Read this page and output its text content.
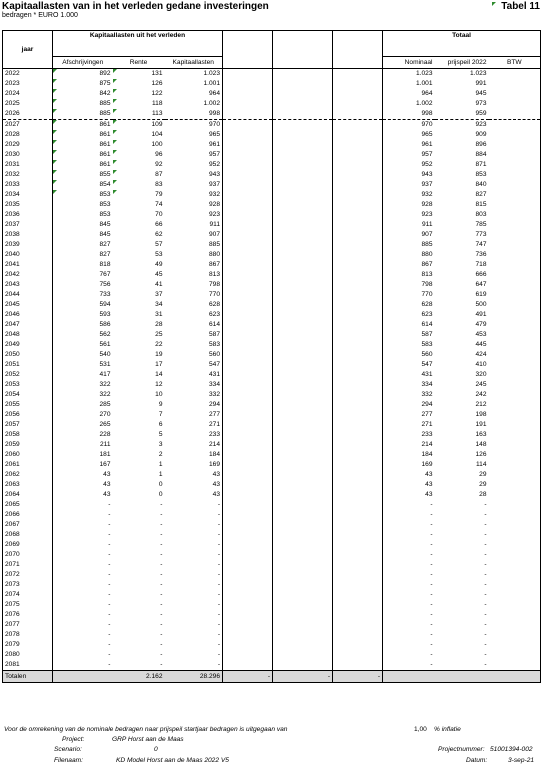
Kapitaallasten van in het verleden gedane investeringen	Tabel 11
bedragen * EURO 1.000
jaar	Kapitaallasten uit het verleden						Totaal		
	Afschrijvingen	Rente	Kapitaallasten				Nominaal	prijspeil 2022	BTW
2022	892	131	1.023				1.023	1.023	
2023	875	126	1.001				1.001	991	
2024	842	122	964				964	945	
2025	885	118	1.002				1.002	973	
2026	885	113	998				998	959	
2027	861	109	970				970	923	
2028	861	104	965				965	909	
2029	861	100	961				961	896	
2030	861	96	957				957	884	
2031	861	92	952				952	871	
2032	855	87	943				943	853	
2033	854	83	937				937	840	
2034	853	79	932				932	827	
2035	853	74	928				928	815	
2036	853	70	923				923	803	
2037	845	66	911				911	785	
2038	845	62	907				907	773	
2039	827	57	885				885	747	
2040	827	53	880				880	736	
2041	818	49	867				867	718	
2042	767	45	813				813	666	
2043	756	41	798				798	647	
2044	733	37	770				770	619	
2045	594	34	628				628	500	
2046	593	31	623				623	491	
2047	586	28	614				614	479	
2048	562	25	587				587	453	
2049	561	22	583				583	445	
2050	540	19	560				560	424	
2051	531	17	547				547	410	
2052	417	14	431				431	320	
2053	322	12	334				334	245	
2054	322	10	332				332	242	
2055	285	9	294				294	212	
2056	270	7	277				277	198	
2057	265	6	271				271	191	
2058	228	5	233				233	163	
2059	211	3	214				214	148	
2060	181	2	184				184	126	
2061	167	1	169				169	114	
2062	43	1	43				43	29	
2063	43	0	43				43	29	
2064	43	0	43				43	28	
2065	-	-	-				-	-	
2066	-	-	-				-	-	
2067	-	-	-				-	-	
2068	-	-	-				-	-	
2069	-	-	-				-	-	
2070	-	-	-				-	-	
2071	-	-	-				-	-	
2072	-	-	-				-	-	
2073	-	-	-				-	-	
2074	-	-	-				-	-	
2075	-	-	-				-	-	
2076	-	-	-				-	-	
2077	-	-	-				-	-	
2078	-	-	-				-	-	
2079	-	-	-				-	-	
2080	-	-	-				-	-	
2081	-	-	-				-	-	
Totalen		2.162	28.296	-	-	-			
Voor de omrekening van de nominale bedragen naar prijspeil startjaar bedragen is uitgegaan van	1,00 % inflatie
Project:	GRP Horst aan de Maas
Scenario:	0
Filenaam:	KD Model Horst aan de Maas 2022 V5
Projectnummer: 51001394-002
Datum:	3-sep-21
